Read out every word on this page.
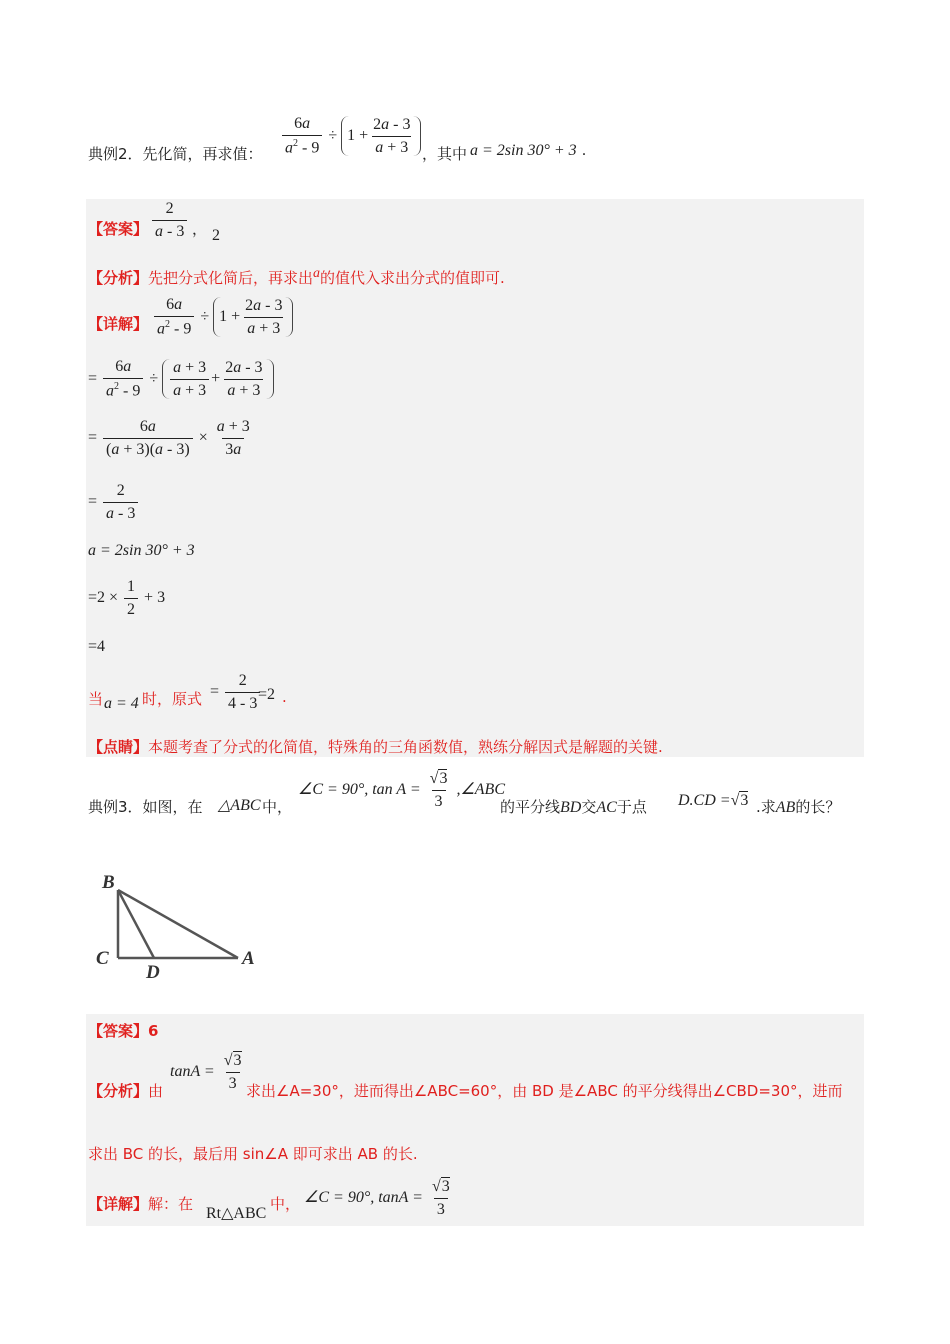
典例2．先化简，再求值： $\frac{6a}{a^2 - 9} \div 1 + \frac{2a - 3}{a + 3}$ ，其中 a = 2sin 30° + 3 .
【答案】 $\frac{2}{a - 3}$ ， 2
【分析】先把分式化简后，再求出a的值代入求出分式的值即可.
【详解】 $\frac{6a}{a^2 - 9} \div 1 + \frac{2a - 3}{a + 3}$
= $\frac{6a}{a^2 - 9} \div \frac{a + 3}{a + 3} + \frac{2a - 3}{a + 3}$
= $\frac{6a}{(a + 3)(a - 3)} \times \frac{a + 3}{3a}$
= $\frac{2}{a - 3}$
a = 2sin 30° + 3
$=2 \times \frac{1}{2} + 3$
=4
当 a = 4 时，原式 = $\frac{2}{4 - 3}$
=2 .
【点睛】本题考查了分式的化简值，特殊角的三角函数值，熟练分解因式是解题的关键.
典例3．如图，在 △ABC 中，
∠C = 90°, $\tan A = \frac{√3}{3}$ ,∠ABC
的平分线BD交AC于点 D.CD =√3 .求AB的长？
B
C
D
A
【答案】6
【分析】由
$\tan A = \frac{√3}{3}$ 求出∠A=30°，进而得出∠ABC=60°，由 BD 是∠ABC 的平分线得出∠CBD=30°，进而
求出 BC 的长，最后用 sin∠A 即可求出 AB 的长.
【详解】解：在
Rt△ABC
中， ∠C = 90°, $\tan A = \frac{√3}{3}$
